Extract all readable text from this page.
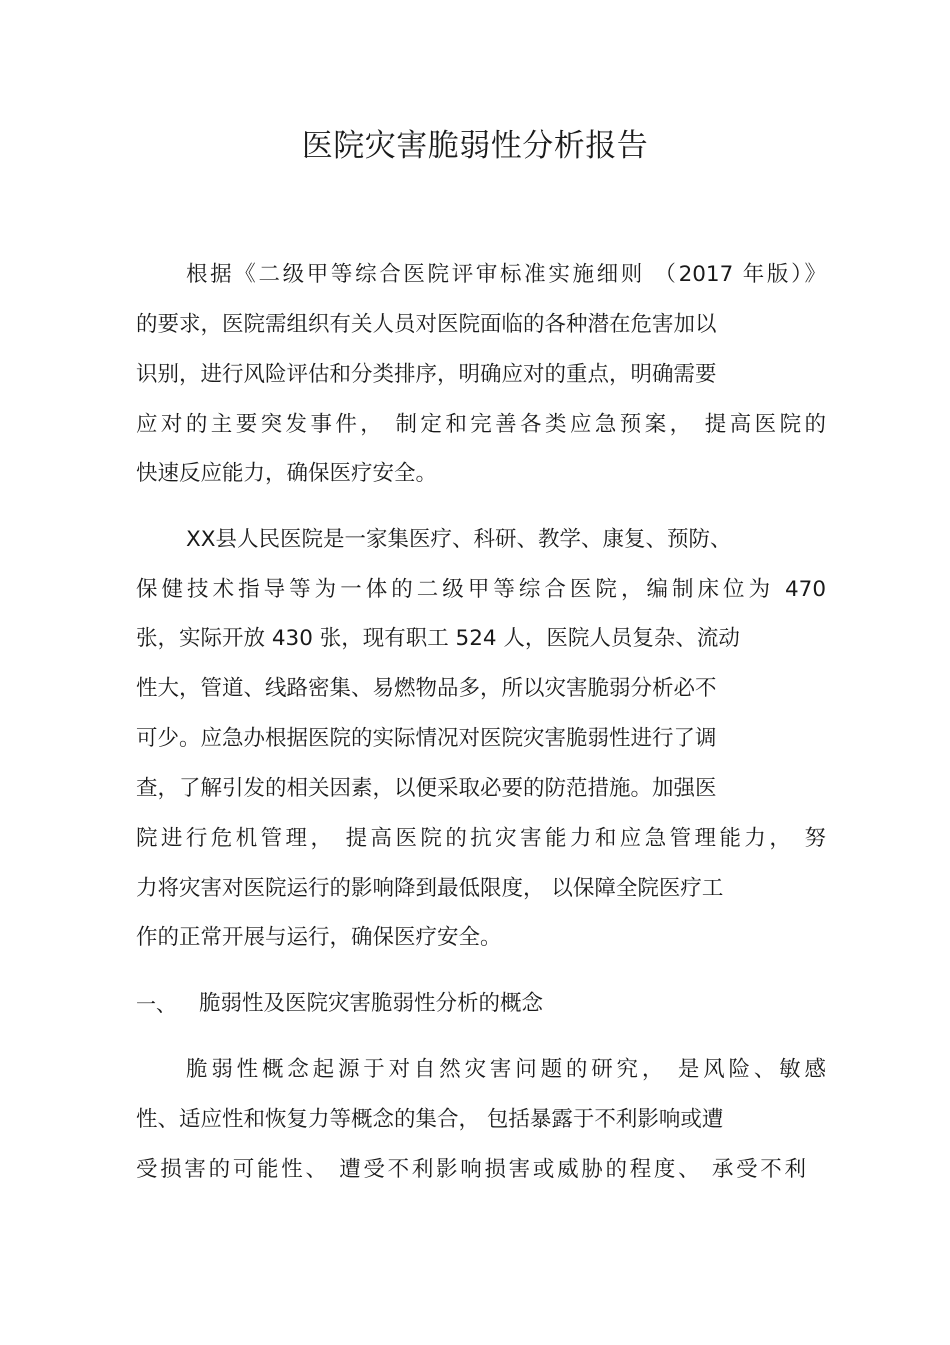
医院灾害脆弱性分析报告
根据《二级甲等综合医院评审标准实施细则 （2017 年版）》
的要求，医院需组织有关人员对医院面临的各种潜在危害加以
识别，进行风险评估和分类排序，明确应对的重点，明确需要
应对的主要突发事件， 制定和完善各类应急预案， 提高医院的
快速反应能力，确保医疗安全。
XX县人民医院是一家集医疗、科研、教学、康复、预防、
保健技术指导等为一体的二级甲等综合医院，编制床位为 470
张，实际开放 430 张，现有职工 524 人，医院人员复杂、流动
性大，管道、线路密集、易燃物品多，所以灾害脆弱分析必不
可少。应急办根据医院的实际情况对医院灾害脆弱性进行了调
查，了解引发的相关因素，以便采取必要的防范措施。加强医
院进行危机管理， 提高医院的抗灾害能力和应急管理能力， 努
力将灾害对医院运行的影响降到最低限度， 以保障全院医疗工
作的正常开展与运行，确保医疗安全。
一、 脆弱性及医院灾害脆弱性分析的概念
脆弱性概念起源于对自然灾害问题的研究， 是风险、敏感
性、适应性和恢复力等概念的集合， 包括暴露于不利影响或遭
受损害的可能性、 遭受不利影响损害或威胁的程度、 承受不利
